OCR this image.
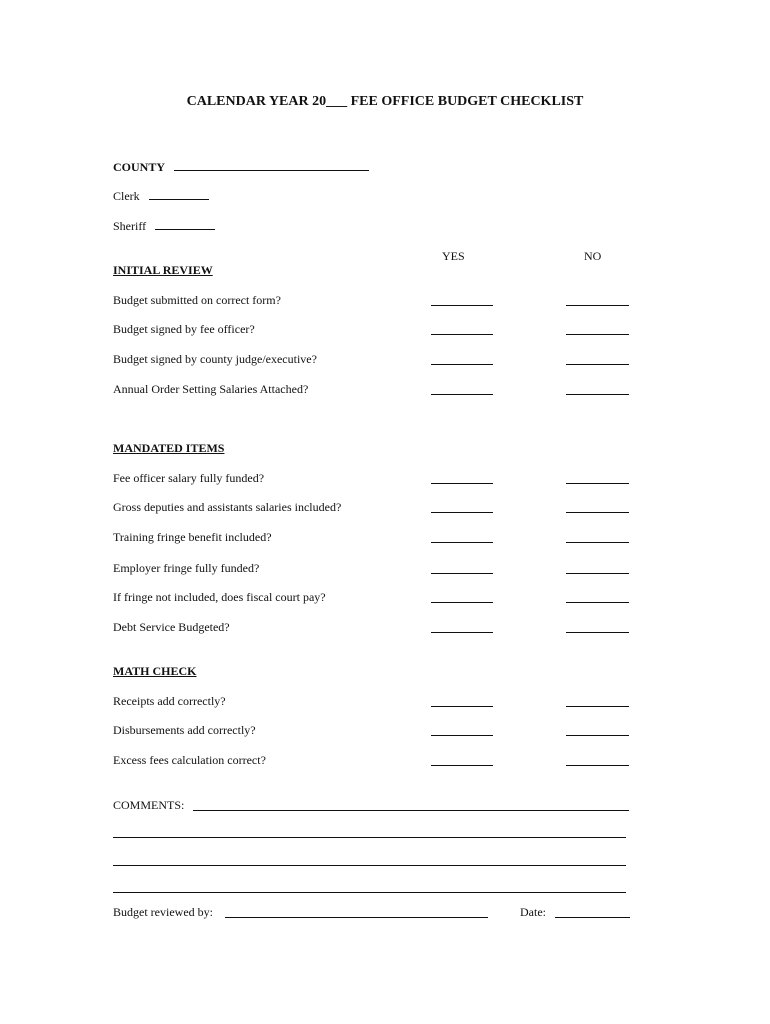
CALENDAR YEAR 20___ FEE OFFICE BUDGET CHECKLIST
COUNTY
Clerk
Sheriff
YES	NO
INITIAL REVIEW
Budget submitted on correct form?
Budget signed by fee officer?
Budget signed by county judge/executive?
Annual Order Setting Salaries Attached?
MANDATED ITEMS
Fee officer salary fully funded?
Gross deputies and assistants salaries included?
Training fringe benefit included?
Employer fringe fully funded?
If fringe not included, does fiscal court pay?
Debt Service Budgeted?
MATH CHECK
Receipts add correctly?
Disbursements add correctly?
Excess fees calculation correct?
COMMENTS:
Budget reviewed by:	Date:
